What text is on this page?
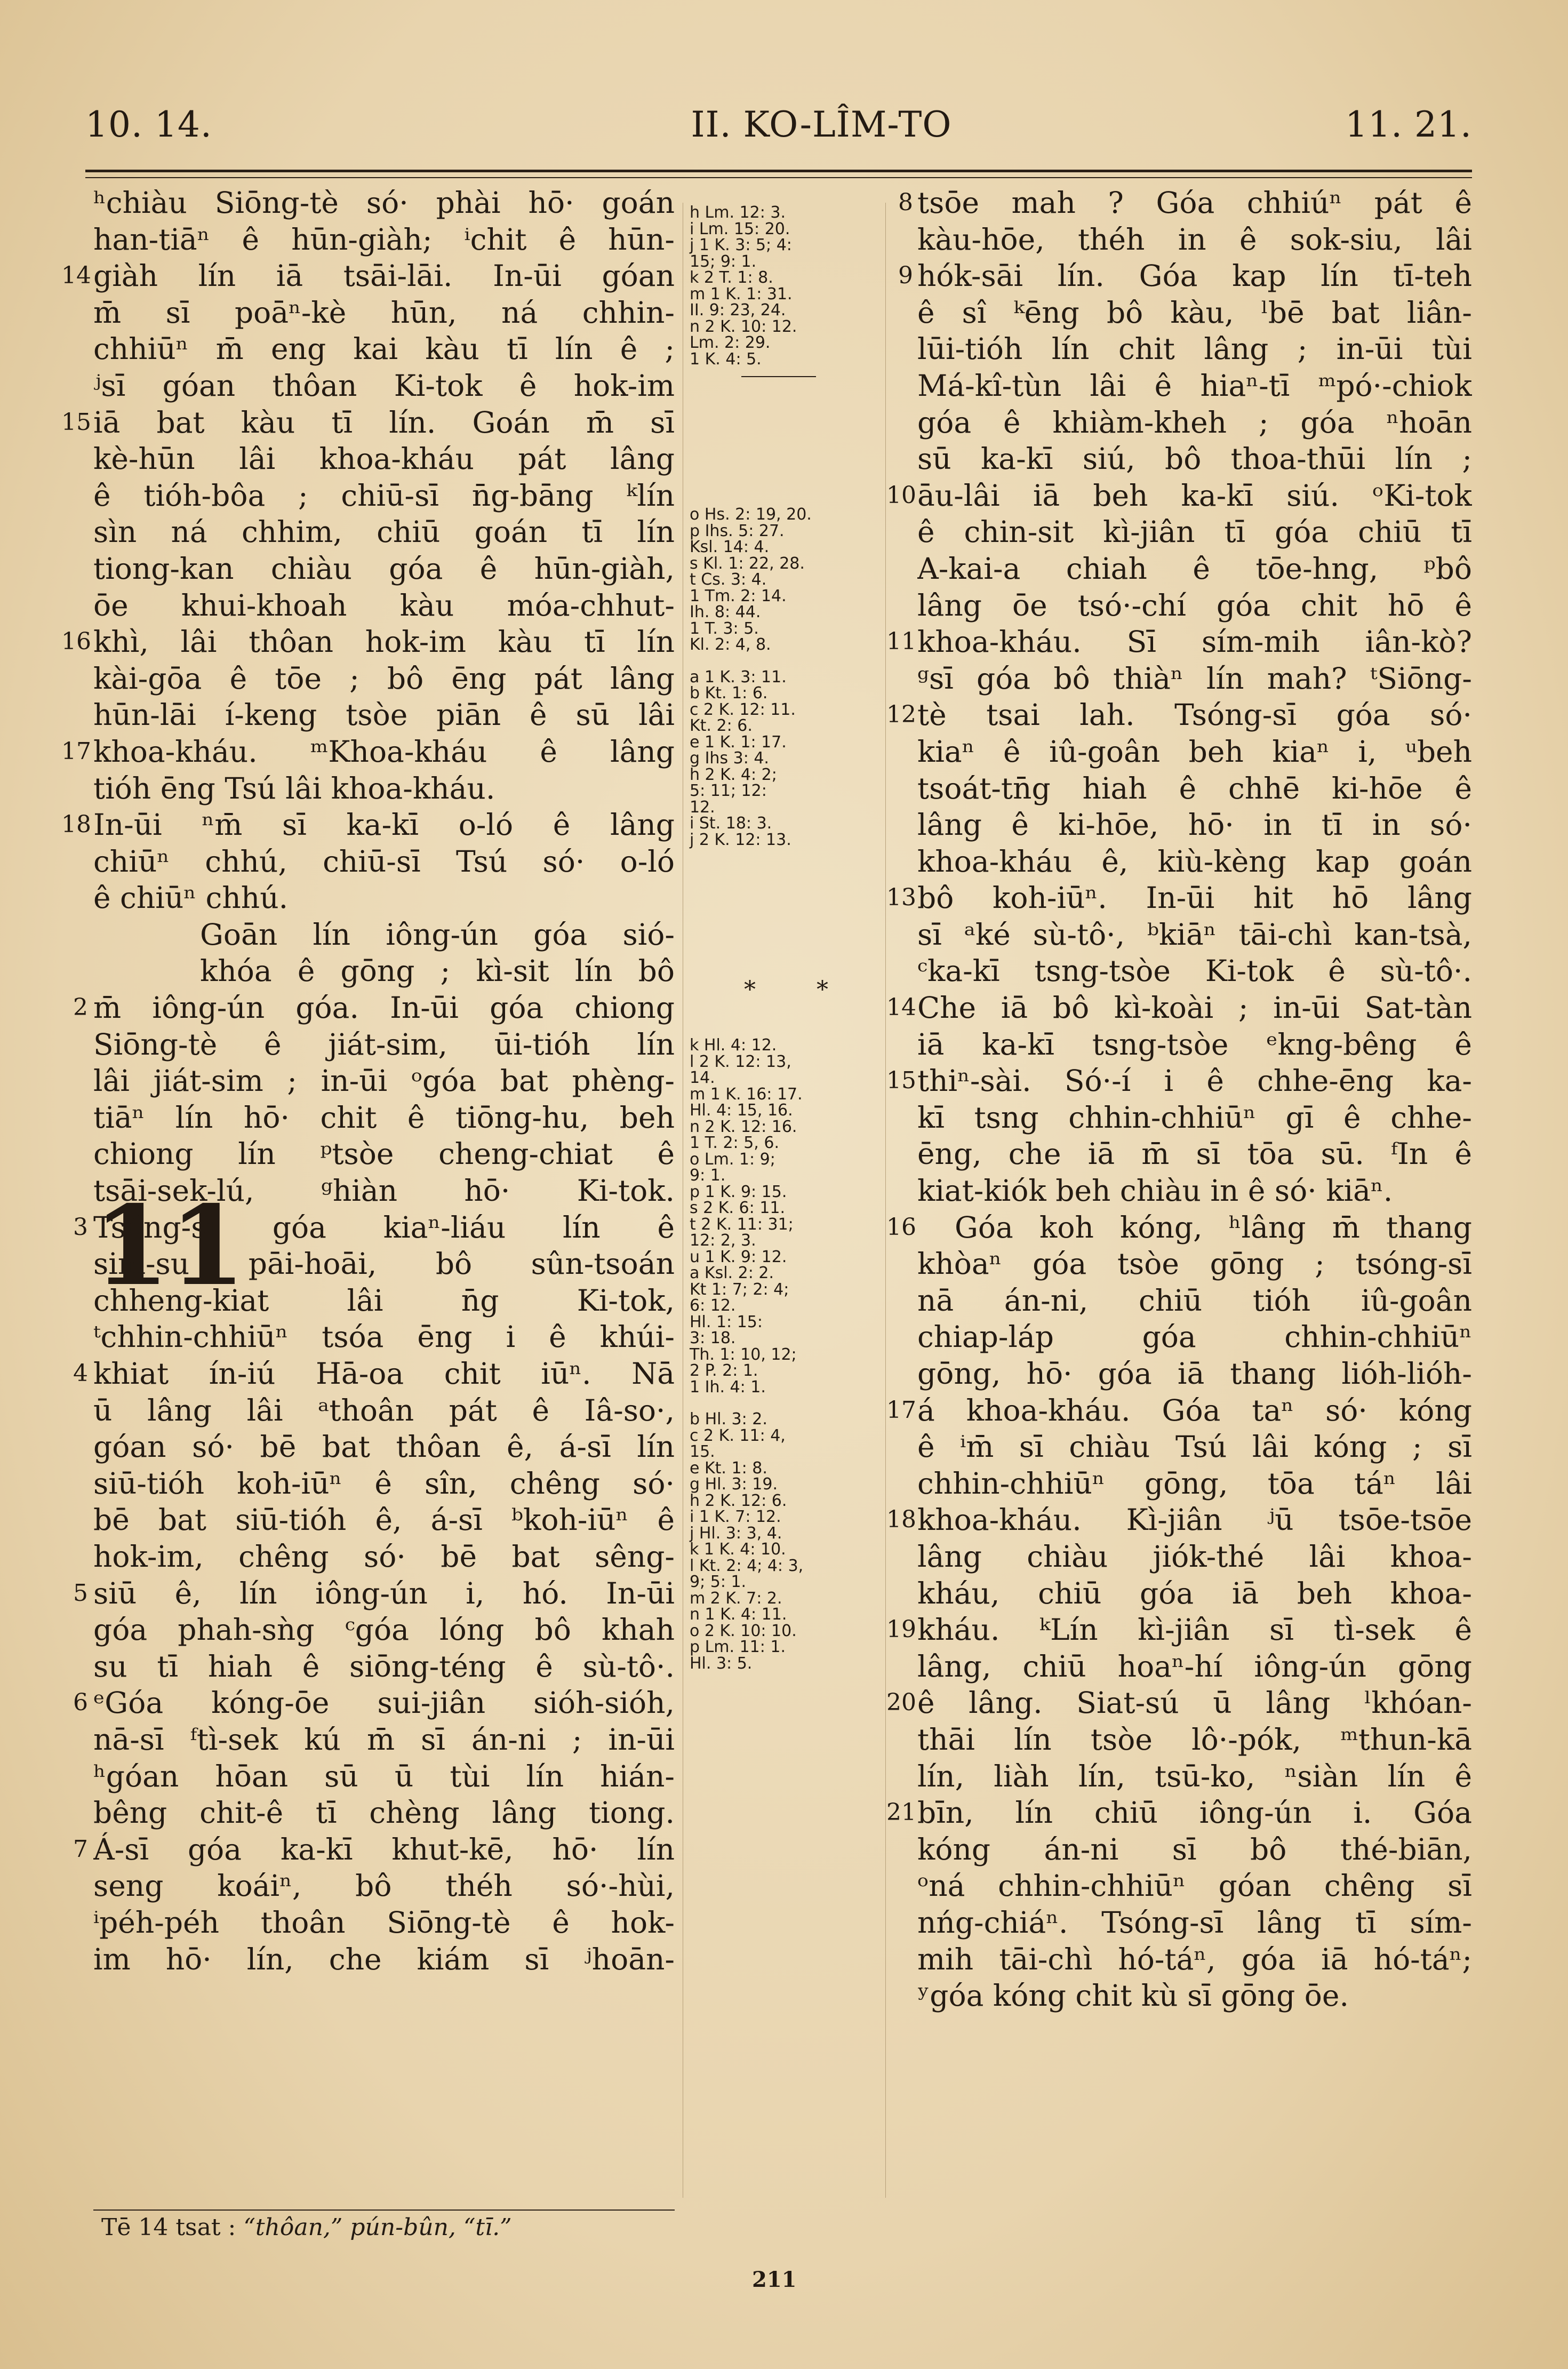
10. 14.	II. KO-LÎM-TO	11. 21.
11
ʰchiàu Siōng-tè só· phài hō· goán
han-tiāⁿ ê hūn-giàh; ⁱchit ê hūn-
14 giàh lín iā tsāi-lāi. In-ūi góan
m̄ sī poāⁿ-kè hūn, ná chhin-
chhiūⁿ m̄ eng kai kàu tī lín ê ;
ʲsī góan thôan Ki-tok ê hok-im
15 iā bat kàu tī lín. Goán m̄ sī
kè-hūn lâi khoa-kháu pát lâng
ê tióh-bôa ; chiū-sī n̄g-bāng ᵏlín
sìn ná chhim, chiū goán tī lín
tiong-kan chiàu góa ê hūn-giàh,
ōe khui-khoah kàu móa-chhut-
16 khì, lâi thôan hok-im kàu tī lín
kài-gōa ê tōe ; bô ēng pát lâng
hūn-lāi í-keng tsòe piān ê sū lâi
17 khoa-kháu. ᵐKhoa-kháu ê lâng
tióh ēng Tsú lâi khoa-kháu.
18 In-ūi ⁿm̄ sī ka-kī o-ló ê lâng
chiūⁿ chhú, chiū-sī Tsú só· o-ló
ê chiūⁿ chhú.
Goān lín iông-ún góa sió-
khóa ê gōng ; kì-sit lín bô
2 m̄ iông-ún góa. In-ūi góa chiong
Siōng-tè ê jiát-sim, ūi-tióh lín
lâi jiát-sim ; in-ūi ᵒgóa bat phèng-
tiāⁿ lín hō· chit ê tiōng-hu, beh
chiong lín ᵖtsòe cheng-chiat ê
tsāi-sek-lú, ᵍhiàn hō· Ki-tok.
3 Tsóng-sī góa kiaⁿ-liáu lín ê
sim-su pāi-hoāi, bô sûn-tsoán
chheng-kiat lâi n̄g Ki-tok,
ᵗchhin-chhiūⁿ tsóa ēng i ê khúi-
4 khiat ín-iú Hā-oa chit iūⁿ. Nā
ū lâng lâi ᵃthoân pát ê Iâ-so·,
góan só· bē bat thôan ê, á-sī lín
siū-tióh koh-iūⁿ ê sîn, chêng só·
bē bat siū-tióh ê, á-sī ᵇkoh-iūⁿ ê
hok-im, chêng só· bē bat sêng-
5 siū ê, lín iông-ún i, hó. In-ūi
góa phah-sǹg ᶜgóa lóng bô khah
su tī hiah ê siōng-téng ê sù-tô·.
6 ᵉGóa kóng-ōe sui-jiân sióh-sióh,
nā-sī ᶠtì-sek kú m̄ sī án-ni ; in-ūi
ʰgóan hōan sū ū tùi lín hián-
bêng chit-ê tī chèng lâng tiong.
7 Á-sī góa ka-kī khut-kē, hō· lín
seng koáiⁿ, bô théh só·-hùi,
ⁱpéh-péh thoân Siōng-tè ê hok-
im hō· lín, che kiám sī ʲhoān-
h Lm. 12: 3.
i Lm. 15: 20.
j 1 K. 3: 5; 4:
15; 9: 1.
k 2 T. 1: 8.
m 1 K. 1: 31.
II. 9: 23, 24.
n 2 K. 10: 12.
Lm. 2: 29.
1 K. 4: 5.
o Hs. 2: 19, 20.
p Ihs. 5: 27.
Ksl. 14: 4.
s Kl. 1: 22, 28.
t Cs. 3: 4.
1 Tm. 2: 14.
Ih. 8: 44.
1 T. 3: 5.
Kl. 2: 4, 8.
a 1 K. 3: 11.
b Kt. 1: 6.
c 2 K. 12: 11.
Kt. 2: 6.
e 1 K. 1: 17.
g Ihs 3: 4.
h 2 K. 4: 2;
5: 11; 12:
12.
i St. 18: 3.
j 2 K. 12: 13.
* *
k Hl. 4: 12.
l 2 K. 12: 13,
14.
m 1 K. 16: 17.
Hl. 4: 15, 16.
n 2 K. 12: 16.
1 T. 2: 5, 6.
o Lm. 1: 9;
9: 1.
p 1 K. 9: 15.
s 2 K. 6: 11.
t 2 K. 11: 31;
12: 2, 3.
u 1 K. 9: 12.
a Ksl. 2: 2.
Kt 1: 7; 2: 4;
6: 12.
Hl. 1: 15:
3: 18.
Th. 1: 10, 12;
2 P. 2: 1.
1 Ih. 4: 1.
b Hl. 3: 2.
c 2 K. 11: 4,
15.
e Kt. 1: 8.
g Hl. 3: 19.
h 2 K. 12: 6.
i 1 K. 7: 12.
j Hl. 3: 3, 4.
k 1 K. 4: 10.
l Kt. 2: 4; 4: 3,
9; 5: 1.
m 2 K. 7: 2.
n 1 K. 4: 11.
o 2 K. 10: 10.
p Lm. 11: 1.
Hl. 3: 5.
8 tsōe mah ? Góa chhiúⁿ pát ê
kàu-hōe, théh in ê sok-siu, lâi
9 hók-sāi lín. Góa kap lín tī-teh
ê sî ᵏēng bô kàu, ˡbē bat liân-
lūi-tióh lín chit lâng ; in-ūi tùi
Má-kî-tùn lâi ê hiaⁿ-tī ᵐpó·-chiok
góa ê khiàm-kheh ; góa ⁿhoān
sū ka-kī siú, bô thoa-thūi lín ;
10 āu-lâi iā beh ka-kī siú. ᵒKi-tok
ê chin-sit kì-jiân tī góa chiū tī
A-kai-a chiah ê tōe-hng, ᵖbô
lâng ōe tsó·-chí góa chit hō ê
11 khoa-kháu. Sī sím-mih iân-kò?
ᵍsī góa bô thiàⁿ lín mah? ᵗSiōng-
12 tè tsai lah. Tsóng-sī góa só·
kiaⁿ ê iû-goân beh kiaⁿ i, ᵘbeh
tsoát-tn̄g hiah ê chhē ki-hōe ê
lâng ê ki-hōe, hō· in tī in só·
khoa-kháu ê, kiù-kèng kap goán
13 bô koh-iūⁿ. In-ūi hit hō lâng
sī ᵃké sù-tô·, ᵇkiāⁿ tāi-chì kan-tsà,
ᶜka-kī tsng-tsòe Ki-tok ê sù-tô·.
14 Che iā bô kì-koài ; in-ūi Sat-tàn
iā ka-kī tsng-tsòe ᵉkng-bêng ê
15 thiⁿ-sài. Só·-í i ê chhe-ēng ka-
kī tsng chhin-chhiūⁿ gī ê chhe-
ēng, che iā m̄ sī tōa sū. ᶠIn ê
kiat-kiók beh chiàu in ê só· kiāⁿ.
16 Góa koh kóng, ʰlâng m̄ thang
khòaⁿ góa tsòe gōng ; tsóng-sī
nā án-ni, chiū tióh iû-goân
chiap-láp góa chhin-chhiūⁿ
gōng, hō· góa iā thang lióh-lióh-
17 á khoa-kháu. Góa taⁿ só· kóng
ê ⁱm̄ sī chiàu Tsú lâi kóng ; sī
chhin-chhiūⁿ gōng, tōa táⁿ lâi
18 khoa-kháu. Kì-jiân ʲū tsōe-tsōe
lâng chiàu jiók-thé lâi khoa-
kháu, chiū góa iā beh khoa-
19 kháu. ᵏLín kì-jiân sī tì-sek ê
lâng, chiū hoaⁿ-hí iông-ún gōng
20 ê lâng. Siat-sú ū lâng ˡkhóan-
thāi lín tsòe lô·-pók, ᵐthun-kā
lín, liàh lín, tsū-ko, ⁿsiàn lín ê
21 bīn, lín chiū iông-ún i. Góa
kóng án-ni sī bô thé-biān,
ᵒná chhin-chhiūⁿ góan chêng sī
nńg-chiáⁿ. Tsóng-sī lâng tī sím-
mih tāi-chì hó-táⁿ, góa iā hó-táⁿ;
ʸgóa kóng chit kù sī gōng ōe.
Tē 14 tsat : “thôan,” pún-bûn, “tī.”
211
